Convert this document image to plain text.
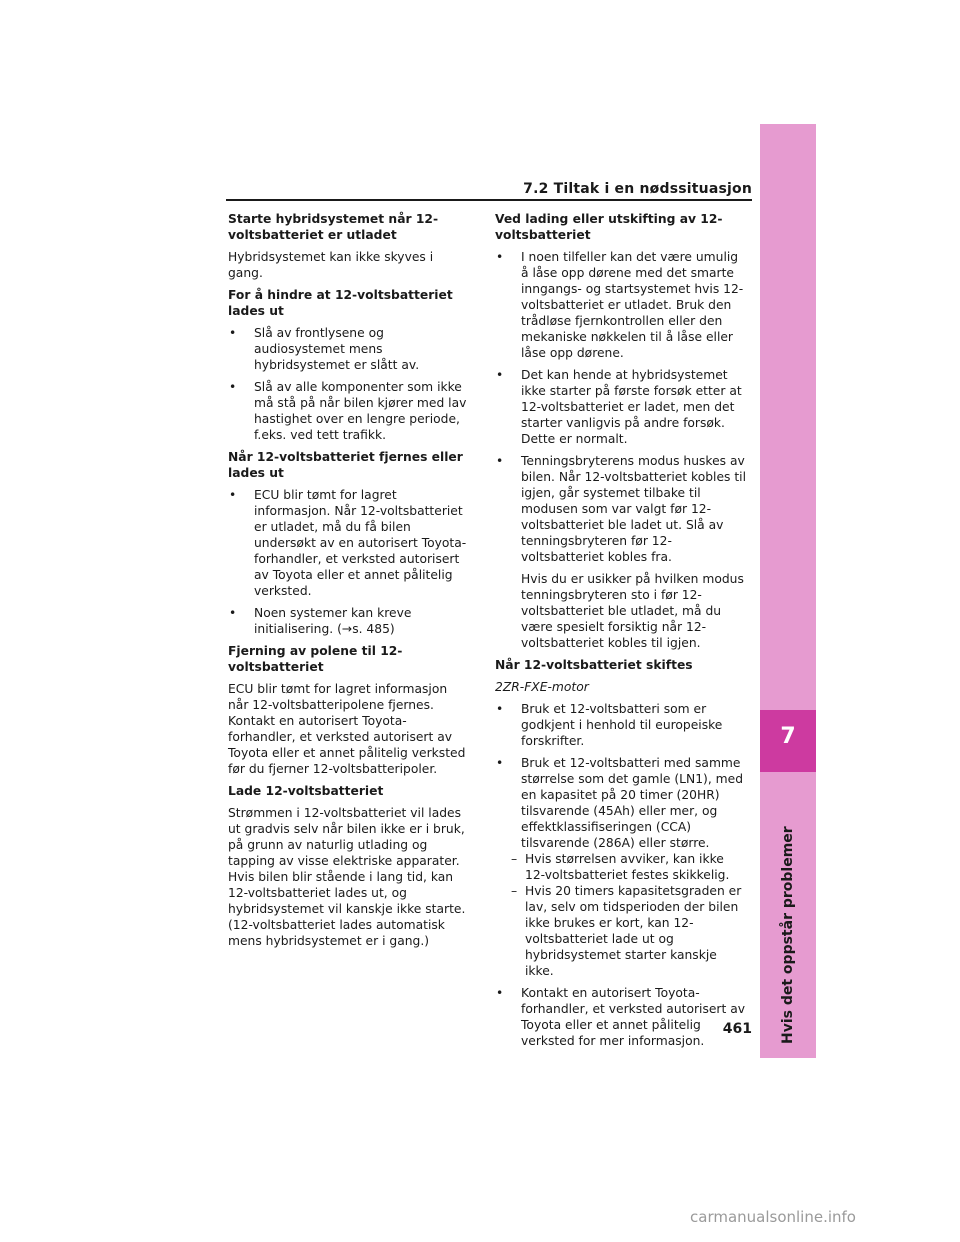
7.2 Tiltak i en nødssituasjon
7
Hvis det oppstår problemer

Starte hybridsystemet når 12-voltsbatteriet er utladet

Hybridsystemet kan ikke skyves i gang.

For å hindre at 12-voltsbatteriet lades ut

• Slå av frontlysene og audiosystemet mens hybridsystemet er slått av.
• Slå av alle komponenter som ikke må stå på når bilen kjører med lav hastighet over en lengre periode, f.eks. ved tett trafikk.

Når 12-voltsbatteriet fjernes eller lades ut

• ECU blir tømt for lagret informasjon. Når 12-voltsbatteriet er utladet, må du få bilen undersøkt av en autorisert Toyota-forhandler, et verksted autorisert av Toyota eller et annet pålitelig verksted.
• Noen systemer kan kreve initialisering. (→s. 485)

Fjerning av polene til 12-voltsbatteriet

ECU blir tømt for lagret informasjon når 12-voltsbatteripolene fjernes. Kontakt en autorisert Toyota-forhandler, et verksted autorisert av Toyota eller et annet pålitelig verksted før du fjerner 12-voltsbatteripoler.

Lade 12-voltsbatteriet

Strømmen i 12-voltsbatteriet vil lades ut gradvis selv når bilen ikke er i bruk, på grunn av naturlig utlading og tapping av visse elektriske apparater. Hvis bilen blir stående i lang tid, kan 12-voltsbatteriet lades ut, og hybridsystemet vil kanskje ikke starte. (12-voltsbatteriet lades automatisk mens hybridsystemet er i gang.)

Ved lading eller utskifting av 12-voltsbatteriet

• I noen tilfeller kan det være umulig å låse opp dørene med det smarte inngangs- og startsystemet hvis 12-voltsbatteriet er utladet. Bruk den trådløse fjernkontrollen eller den mekaniske nøkkelen til å låse eller låse opp dørene.
• Det kan hende at hybridsystemet ikke starter på første forsøk etter at 12-voltsbatteriet er ladet, men det starter vanligvis på andre forsøk. Dette er normalt.
• Tenningsbryterens modus huskes av bilen. Når 12-voltsbatteriet kobles til igjen, går systemet tilbake til modusen som var valgt før 12-voltsbatteriet ble ladet ut. Slå av tenningsbryteren før 12-voltsbatteriet kobles fra.

Hvis du er usikker på hvilken modus tenningsbryteren sto i før 12-voltsbatteriet ble utladet, må du være spesielt forsiktig når 12-voltsbatteriet kobles til igjen.

Når 12-voltsbatteriet skiftes

2ZR-FXE-motor

• Bruk et 12-voltsbatteri som er godkjent i henhold til europeiske forskrifter.
• Bruk et 12-voltsbatteri med samme størrelse som det gamle (LN1), med en kapasitet på 20 timer (20HR) tilsvarende (45Ah) eller mer, og effektklassifiseringen (CCA) tilsvarende (286A) eller større.
– Hvis størrelsen avviker, kan ikke 12-voltsbatteriet festes skikkelig.
– Hvis 20 timers kapasitetsgraden er lav, selv om tidsperioden der bilen ikke brukes er kort, kan 12-voltsbatteriet lade ut og hybridsystemet starter kanskje ikke.
• Kontakt en autorisert Toyota-forhandler, et verksted autorisert av Toyota eller et annet pålitelig verksted for mer informasjon.
461
carmanualsonline.info
